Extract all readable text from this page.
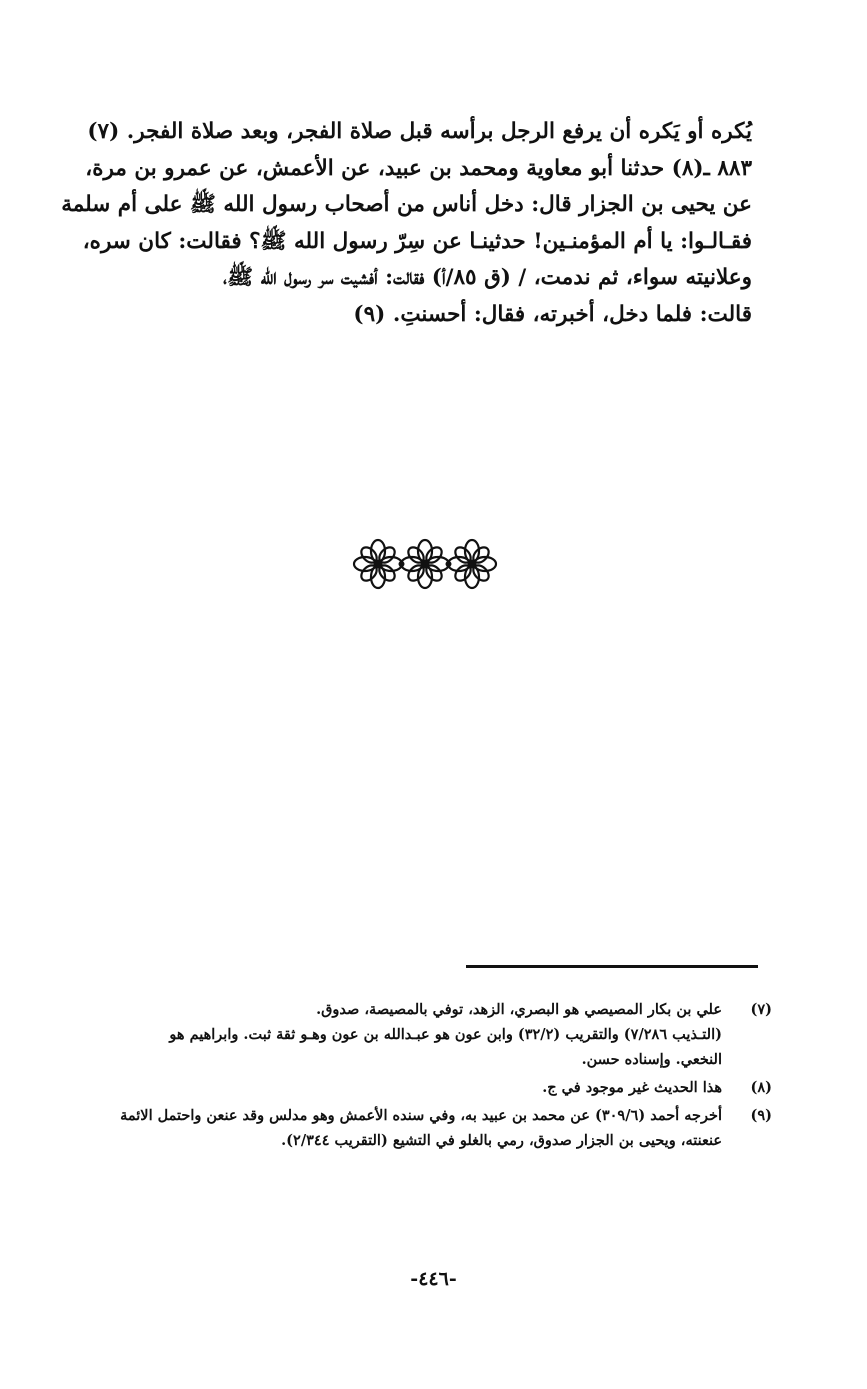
يُكره أو يَكره أن يرفع الرجل برأسه قبل صلاة الفجر، وبعد صلاة الفجر. (٧)
٨٨٣ ـ(٨) حدثنا أبو معاوية ومحمد بن عبيد، عن الأعمش، عن عمرو بن مرة،
عن يحيى بن الجزار قال: دخل أناس من أصحاب رسول الله ﷺ على أم سلمة
فقـالـوا: يا أم المؤمنـين! حدثينـا عن سِرّ رسول الله ﷺ؟ فقالت: كان سره،
وعلانيته سواء، ثم ندمت، / (ق ٨٥/أ) فقالت: أفشيت سر رسول الله ﷺ،
قالت: فلما دخل، أخبرته، فقال: أحسنتِ. (٩)
(٧)
علي بن بكار المصيصي هو البصري، الزهد، توفي بالمصيصة، صدوق.
(التـذيب ٧/٢٨٦) والتقريب (٣٢/٢) وابن عون هو عبـدالله بن عون وهـو ثقة ثبت. وابراهيم هو
النخعي. وإسناده حسن.
(٨)
هذا الحديث غير موجود في ج.
(٩)
أخرجه أحمد (٣٠٩/٦) عن محمد بن عبيد به، وفي سنده الأعمش وهو مدلس وقد عنعن واحتمل الائمة
عنعنته، ويحيى بن الجزار صدوق، رمي بالغلو في التشيع (التقريب ٢/٣٤٤).
-٤٤٦-
